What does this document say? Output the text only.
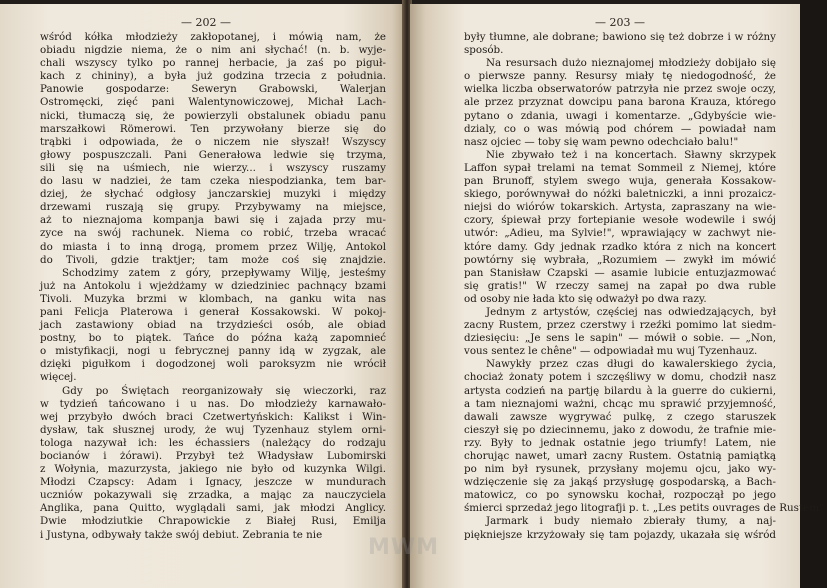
— 202 —
wśród kółka młodzieży zakłopotanej, i mówią nam, że
obiadu nigdzie niema, że o nim ani słychać! (n. b. wyje-
chali wszyscy tylko po rannej herbacie, ja zaś po piguł-
kach z chininy), a była już godzina trzecia z południa.
Panowie gospodarze: Seweryn Grabowski, Walerjan
Ostromęcki, zięć pani Walentynowiczowej, Michał Lach-
nicki, tłumaczą się, że powierzyli obstalunek obiadu panu
marszałkowi Römerowi. Ten przywołany bierze się do
trąbki i odpowiada, że o niczem nie słyszał! Wszyscy
głowy pospuszczali. Pani Generałowa ledwie się trzyma,
sili się na uśmiech, nie wierzy... i wszyscy ruszamy
do lasu w nadziei, że tam czeka niespodzianka, tem bar-
dziej, że słychać odgłosy janczarskiej muzyki i między
drzewami ruszają się grupy. Przybywamy na miejsce,
aż to nieznajoma kompanja bawi się i zajada przy mu-
zyce na swój rachunek. Niema co robić, trzeba wracać
do miasta i to inną drogą, promem przez Wilję, Antokol
do Tivoli, gdzie traktjer; tam może coś się znajdzie.
Schodzimy zatem z góry, przepływamy Wilję, jesteśmy
już na Antokolu i wjeżdżamy w dziedziniec pachnący bzami
Tivoli. Muzyka brzmi w klombach, na ganku wita nas
pani Felicja Platerowa i generał Kossakowski. W pokoj-
jach zastawiony obiad na trzydzieści osób, ale obiad
postny, bo to piątek. Tańce do późna każą zapomnieć
o mistyfikacji, nogi u febrycznej panny idą w zygzak, ale
dzięki pigułkom i dogodzonej woli paroksyzm nie wrócił
więcej.
Gdy po Świętach reorganizowały się wieczorki, raz
w tydzień tańcowano i u nas. Do młodzieży karnawało-
wej przybyło dwóch braci Czetwertyńskich: Kalikst i Win-
dysław, tak słusznej urody, że wuj Tyzenhauz stylem orni-
tologa nazywał ich: les échassiers (należący do rodzaju
bocianów i żórawi). Przybył też Władysław Lubomirski
z Wołynia, mazurzysta, jakiego nie było od kuzynka Wilgi.
Młodzi Czapscy: Adam i Ignacy, jeszcze w mundurach
uczniów pokazywali się zrzadka, a mając za nauczyciela
Anglika, pana Quitto, wyglądali sami, jak młodzi Anglicy.
Dwie młodziutkie Chrapowickie z Białej Rusi, Emilja
i Justyna, odbywały także swój debiut. Zebrania te nie
— 203 —
były tłumne, ale dobrane; bawiono się też dobrze i w różny
sposób.
Na resursach dużo nieznajomej młodzieży dobijało się
o pierwsze panny. Resursy miały tę niedogodność, że
wielka liczba obserwatorów patrzyła nie przez swoje oczy,
ale przez przyznat dowcipu pana barona Krauza, którego
pytano o zdania, uwagi i komentarze. „Gdybyście wie-
dzialy, co o was mówią pod chórem — powiadał nam
nasz ojciec — toby się wam pewno odechciało balu!"
Nie zbywało też i na koncertach. Sławny skrzypek
Laffon sypał trelami na temat Sommeil z Niemej, które
pan Brunoff, stylem swego wuja, generała Kossakow-
skiego, porównywał do nóżki baletniczki, a inni prozaicz-
niejsi do wiórów tokarskich. Artysta, zapraszany na wie-
czory, śpiewał przy fortepianie wesołe wodewile i swój
utwór: „Adieu, ma Sylvie!", wprawiający w zachwyt nie-
które damy. Gdy jednak rzadko która z nich na koncert
powtórny się wybrała, „Rozumiem — zwykł im mówić
pan Stanisław Czapski — asamie lubicie entuzjazmować
się gratis!" W rzeczy samej na zapał po dwa ruble
od osoby nie łada kto się odważył po dwa razy.
Jednym z artystów, częściej nas odwiedzających, był
zacny Rustem, przez czerstwy i rzeźki pomimo lat siedm-
dziesięciu: „Je sens le sapin" — mówił o sobie. — „Non,
vous sentez le chêne" — odpowiadał mu wuj Tyzenhauz.
Nawykły przez czas długi do kawalerskiego życia,
chociaż żonaty potem i szczęśliwy w domu, chodził nasz
artysta codzień na partję bilardu à la guerre do cukierni,
a tam nieznajomi ważni, chcąc mu sprawić przyjemność,
dawali zawsze wygrywać pulkę, z czego staruszek
cieszył się po dziecinnemu, jako z dowodu, że trafnie mie-
rzy. Były to jednak ostatnie jego triumfy! Latem, nie
chorując nawet, umarł zacny Rustem. Ostatnią pamiątką
po nim był rysunek, przysłany mojemu ojcu, jako wy-
wdzięczenie się za jakąś przysługę gospodarską, a Bach-
matowicz, co po synowsku kochał, rozpoczął po jego
śmierci sprzedaż jego litografji p. t. „Les petits ouvrages de Rustem".
Jarmark i budy niemało zbierały tłumy, a naj-
piękniejsze krzyżowały się tam pojazdy, ukazała się wśród
MWM
